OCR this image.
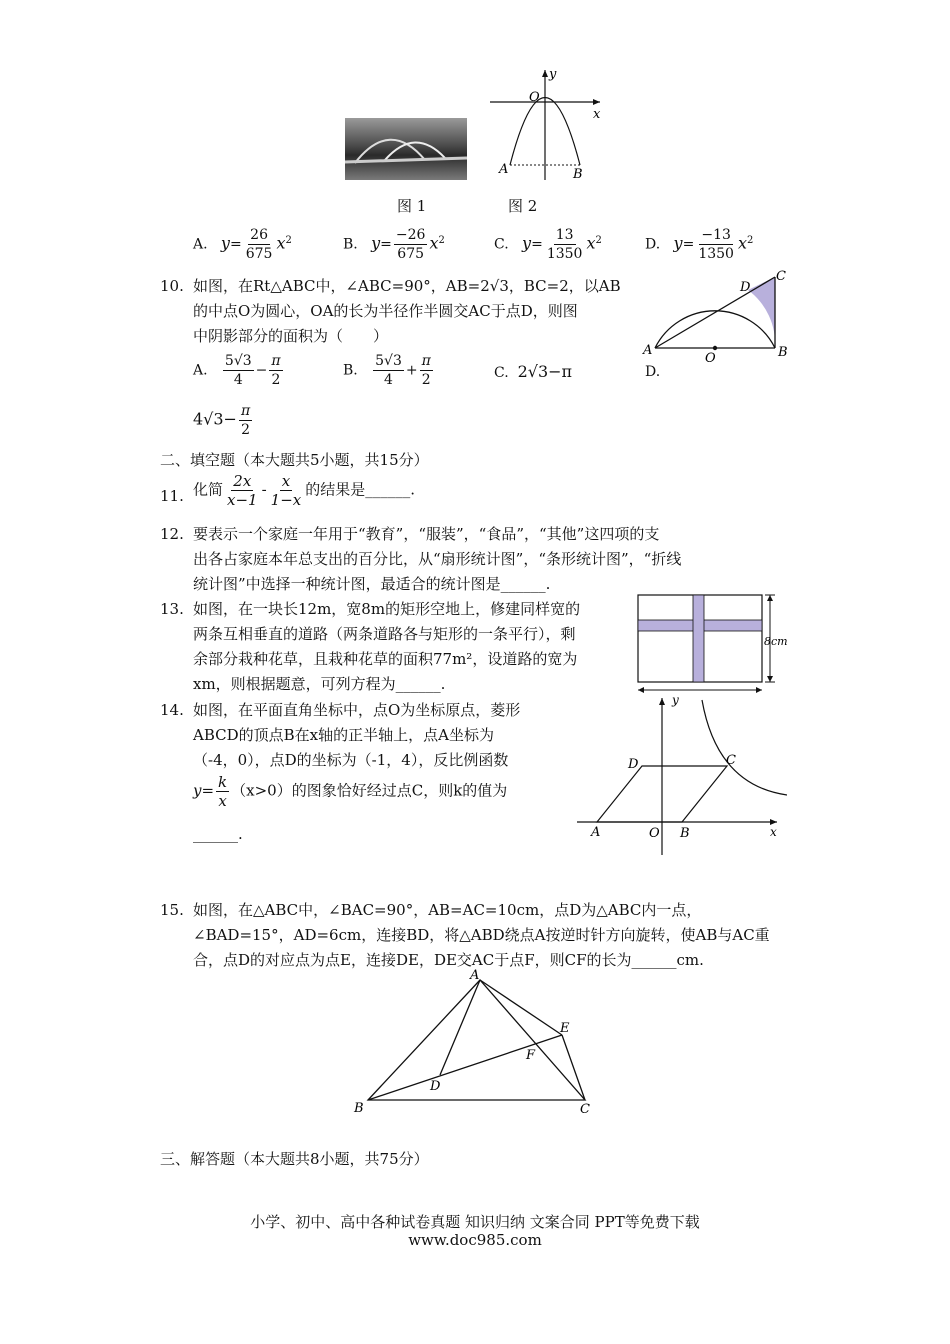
x
y
O
A	B
图 1	图 2
A. $y= \frac{26}{675} x^2$	B. $y= \frac{-26}{675} x^2$	C. $y= \frac{13}{1350} x^2$	D. $y= \frac{-13}{1350} x^2$
10. 如图，在Rt△ABC中，∠ABC=90°，AB=2√3，BC=2，以AB
的中点O为圆心，OA的长为半径作半圆交AC于点D，则图
中阴影部分的面积为（　　）
A	B
C
D
O
A. $\frac{5√3}{4} - \frac{\pi}{2}$	B. $\frac{5√3}{4} + \frac{\pi}{2}$	C. 2√3−π	D.
$4√3- \frac{\pi}{2}$
二、填空题（本大题共5小题，共15分）
11. 化简 $\frac{2x}{x-1} - \frac{x}{1-x}$ 的结果是______.
12. 要表示一个家庭一年用于“教育”，“服装”，“食品”，“其他”这四项的支
出各占家庭本年总支出的百分比，从“扇形统计图”，“条形统计图”，“折线
统计图”中选择一种统计图，最适合的统计图是______.
13. 如图，在一块长12m，宽8m的矩形空地上，修建同样宽的
两条互相垂直的道路（两条道路各与矩形的一条平行），剩
余部分栽种花草，且栽种花草的面积77m²，设道路的宽为
xm，则根据题意，可列方程为______.
8cm
14. 如图，在平面直角坐标中，点O为坐标原点，菱形
ABCD的顶点B在x轴的正半轴上，点A坐标为
（-4，0），点D的坐标为（-1，4），反比例函数
$y= \frac{k}{x} (x>0)$的图象恰好经过点C，则k的值为
______.	A	O B
C
D
x
y
15. 如图，在△ABC中，∠BAC=90°，AB=AC=10cm，点D为△ABC内一点，
∠BAD=15°，AD=6cm，连接BD，将△ABD绕点A按逆时针方向旋转，使AB与AC重
合，点D的对应点为点E，连接DE，DE交AC于点F，则CF的长为______cm.
A
B	C
D
E
F
三、解答题（本大题共8小题，共75分）
小学、初中、高中各种试卷真题 知识归纳 文案合同 PPT等免费下载
www.doc985.com
